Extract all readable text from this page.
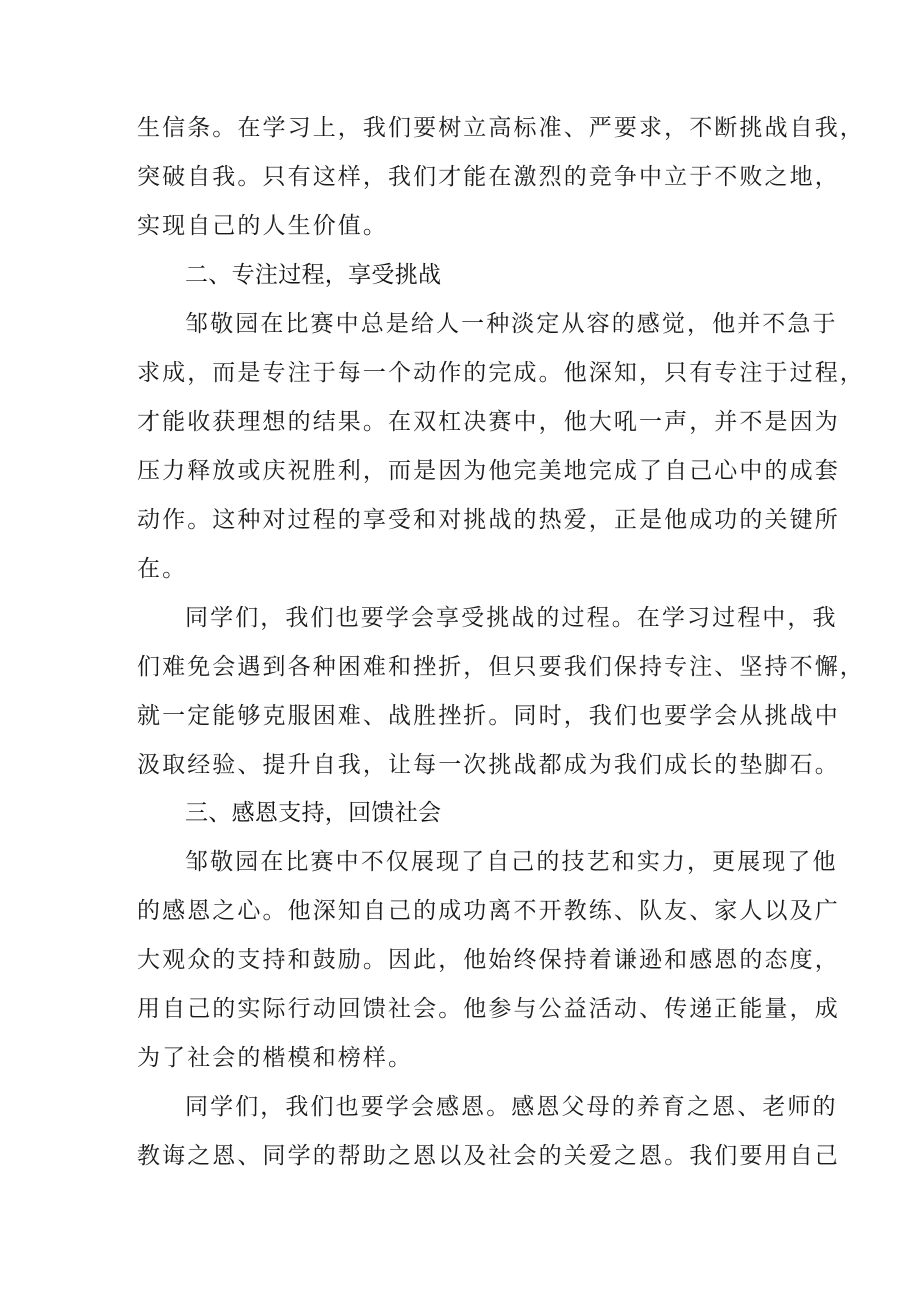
生信条。在学习上，我们要树立高标准、严要求，不断挑战自我，

突破自我。只有这样，我们才能在激烈的竞争中立于不败之地，

实现自己的人生价值。

二、专注过程，享受挑战

邹敬园在比赛中总是给人一种淡定从容的感觉，他并不急于

求成，而是专注于每一个动作的完成。他深知，只有专注于过程，

才能收获理想的结果。在双杠决赛中，他大吼一声，并不是因为

压力释放或庆祝胜利，而是因为他完美地完成了自己心中的成套

动作。这种对过程的享受和对挑战的热爱，正是他成功的关键所

在。

同学们，我们也要学会享受挑战的过程。在学习过程中，我

们难免会遇到各种困难和挫折，但只要我们保持专注、坚持不懈，

就一定能够克服困难、战胜挫折。同时，我们也要学会从挑战中

汲取经验、提升自我，让每一次挑战都成为我们成长的垫脚石。

三、感恩支持，回馈社会

邹敬园在比赛中不仅展现了自己的技艺和实力，更展现了他

的感恩之心。他深知自己的成功离不开教练、队友、家人以及广

大观众的支持和鼓励。因此，他始终保持着谦逊和感恩的态度，

用自己的实际行动回馈社会。他参与公益活动、传递正能量，成

为了社会的楷模和榜样。

同学们，我们也要学会感恩。感恩父母的养育之恩、老师的

教诲之恩、同学的帮助之恩以及社会的关爱之恩。我们要用自己
